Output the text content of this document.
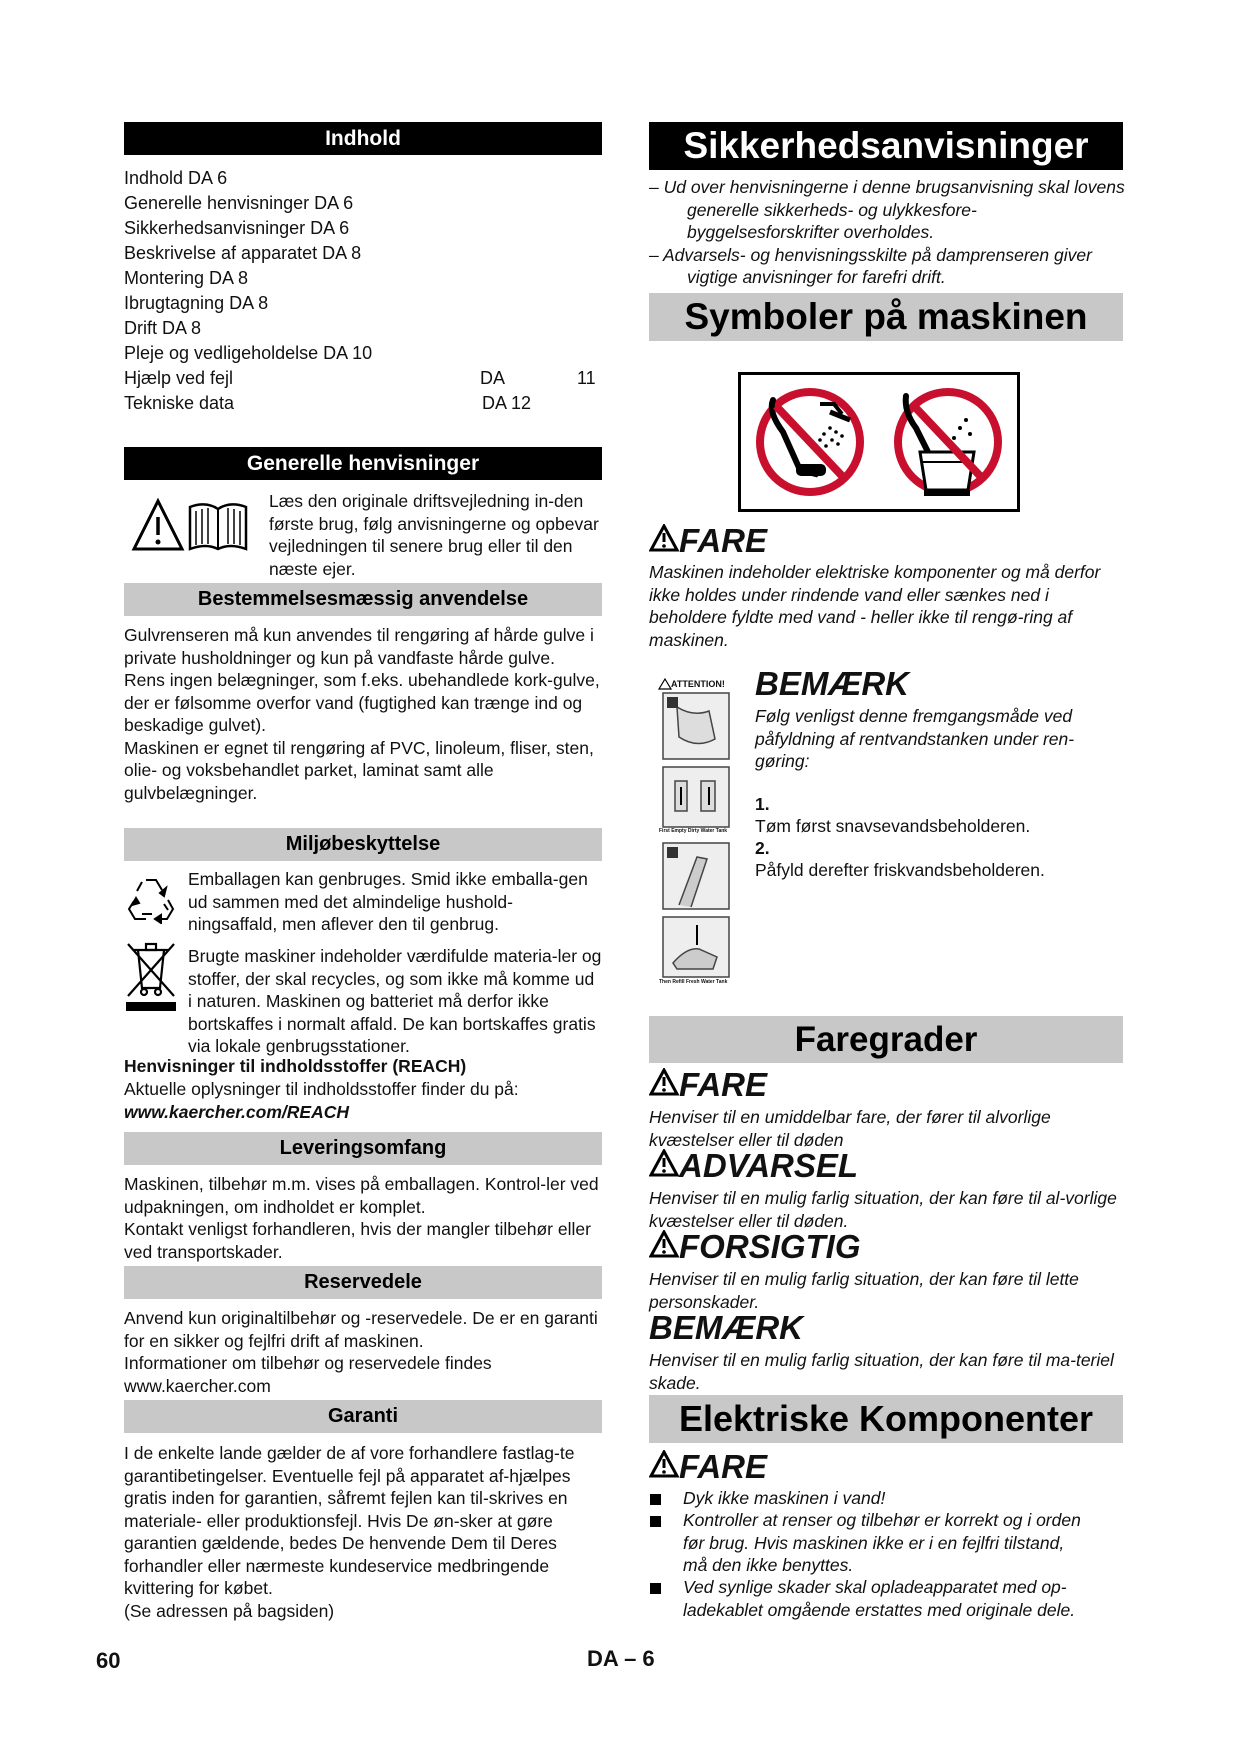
Indhold
Indhold DA 6
Generelle henvisninger DA 6
Sikkerhedsanvisninger DA 6
Beskrivelse af apparatet DA 8
Montering DA 8
Ibrugtagning DA 8
Drift DA 8
Pleje og vedligeholdelse DA 10
Hjælp ved fejl	DA	11
Tekniske data	DA 12
Generelle henvisninger
Læs den originale driftsvejledning in-den første brug, følg anvisningerne og opbevar vejledningen til senere brug eller til den næste ejer.
Bestemmelsesmæssig anvendelse
Gulvrenseren må kun anvendes til rengøring af hårde gulve i private husholdninger og kun på vandfaste hårde gulve.
Rens ingen belægninger, som f.eks. ubehandlede kork-gulve, der er følsomme overfor vand (fugtighed kan trænge ind og beskadige gulvet).
Maskinen er egnet til rengøring af PVC, linoleum, fliser, sten, olie- og voksbehandlet parket, laminat samt alle gulvbelægninger.
Miljøbeskyttelse
Emballagen kan genbruges. Smid ikke emballa-gen ud sammen med det almindelige hushold-ningsaffald, men aflever den til genbrug.
Brugte maskiner indeholder værdifulde materia-ler og stoffer, der skal recycles, og som ikke må komme ud i naturen. Maskinen og batteriet må derfor ikke bortskaffes i normalt affald. De kan bortskaffes gratis via lokale genbrugsstationer.
Henvisninger til indholdsstoffer (REACH)
Aktuelle oplysninger til indholdsstoffer finder du på:
www.kaercher.com/REACH
Leveringsomfang
Maskinen, tilbehør m.m. vises på emballagen. Kontrol-ler ved udpakningen, om indholdet er komplet.
Kontakt venligst forhandleren, hvis der mangler tilbehør eller ved transportskader.
Reservedele
Anvend kun originaltilbehør og -reservedele. De er en garanti for en sikker og fejlfri drift af maskinen.
Informationer om tilbehør og reservedele findes www.kaercher.com
Garanti
I de enkelte lande gælder de af vore forhandlere fastlag-te garantibetingelser. Eventuelle fejl på apparatet af-hjælpes gratis inden for garantien, såfremt fejlen kan til-skrives en materiale- eller produktionsfejl. Hvis De øn-sker at gøre garantien gældende, bedes De henvende Dem til Deres forhandler eller nærmeste kundeservice medbringende kvittering for købet.
(Se adressen på bagsiden)
Sikkerhedsanvisninger
– Ud over henvisningerne i denne brugsanvisning skal lovens generelle sikkerheds- og ulykkesfore-byggelsesforskrifter overholdes.
– Advarsels- og henvisningsskilte på damprenseren giver vigtige anvisninger for farefri drift.
Symboler på maskinen
FARE
Maskinen indeholder elektriske komponenter og må derfor ikke holdes under rindende vand eller sænkes ned i beholdere fyldte med vand - heller ikke til rengø-ring af maskinen.
ATTENTION!
First Empty Dirty Water Tank
Then Refill Fresh Water Tank
BEMÆRK
Følg venligst denne fremgangsmåde ved påfyldning af rentvandstanken under ren-gøring:
1.
Tøm først snavsevandsbeholderen.
2.
Påfyld derefter friskvandsbeholderen.
Faregrader
FARE
Henviser til en umiddelbar fare, der fører til alvorlige kvæstelser eller til døden
ADVARSEL
Henviser til en mulig farlig situation, der kan føre til al-vorlige kvæstelser eller til døden.
FORSIGTIG
Henviser til en mulig farlig situation, der kan føre til lette personskader.
BEMÆRK
Henviser til en mulig farlig situation, der kan føre til ma-teriel skade.
Elektriske Komponenter
FARE
Dyk ikke maskinen i vand!
Kontroller at renser og tilbehør er korrekt og i orden før brug. Hvis maskinen ikke er i en fejlfri tilstand, må den ikke benyttes.
Ved synlige skader skal opladeapparatet med op-ladekablet omgående erstattes med originale dele.
60	DA – 6
